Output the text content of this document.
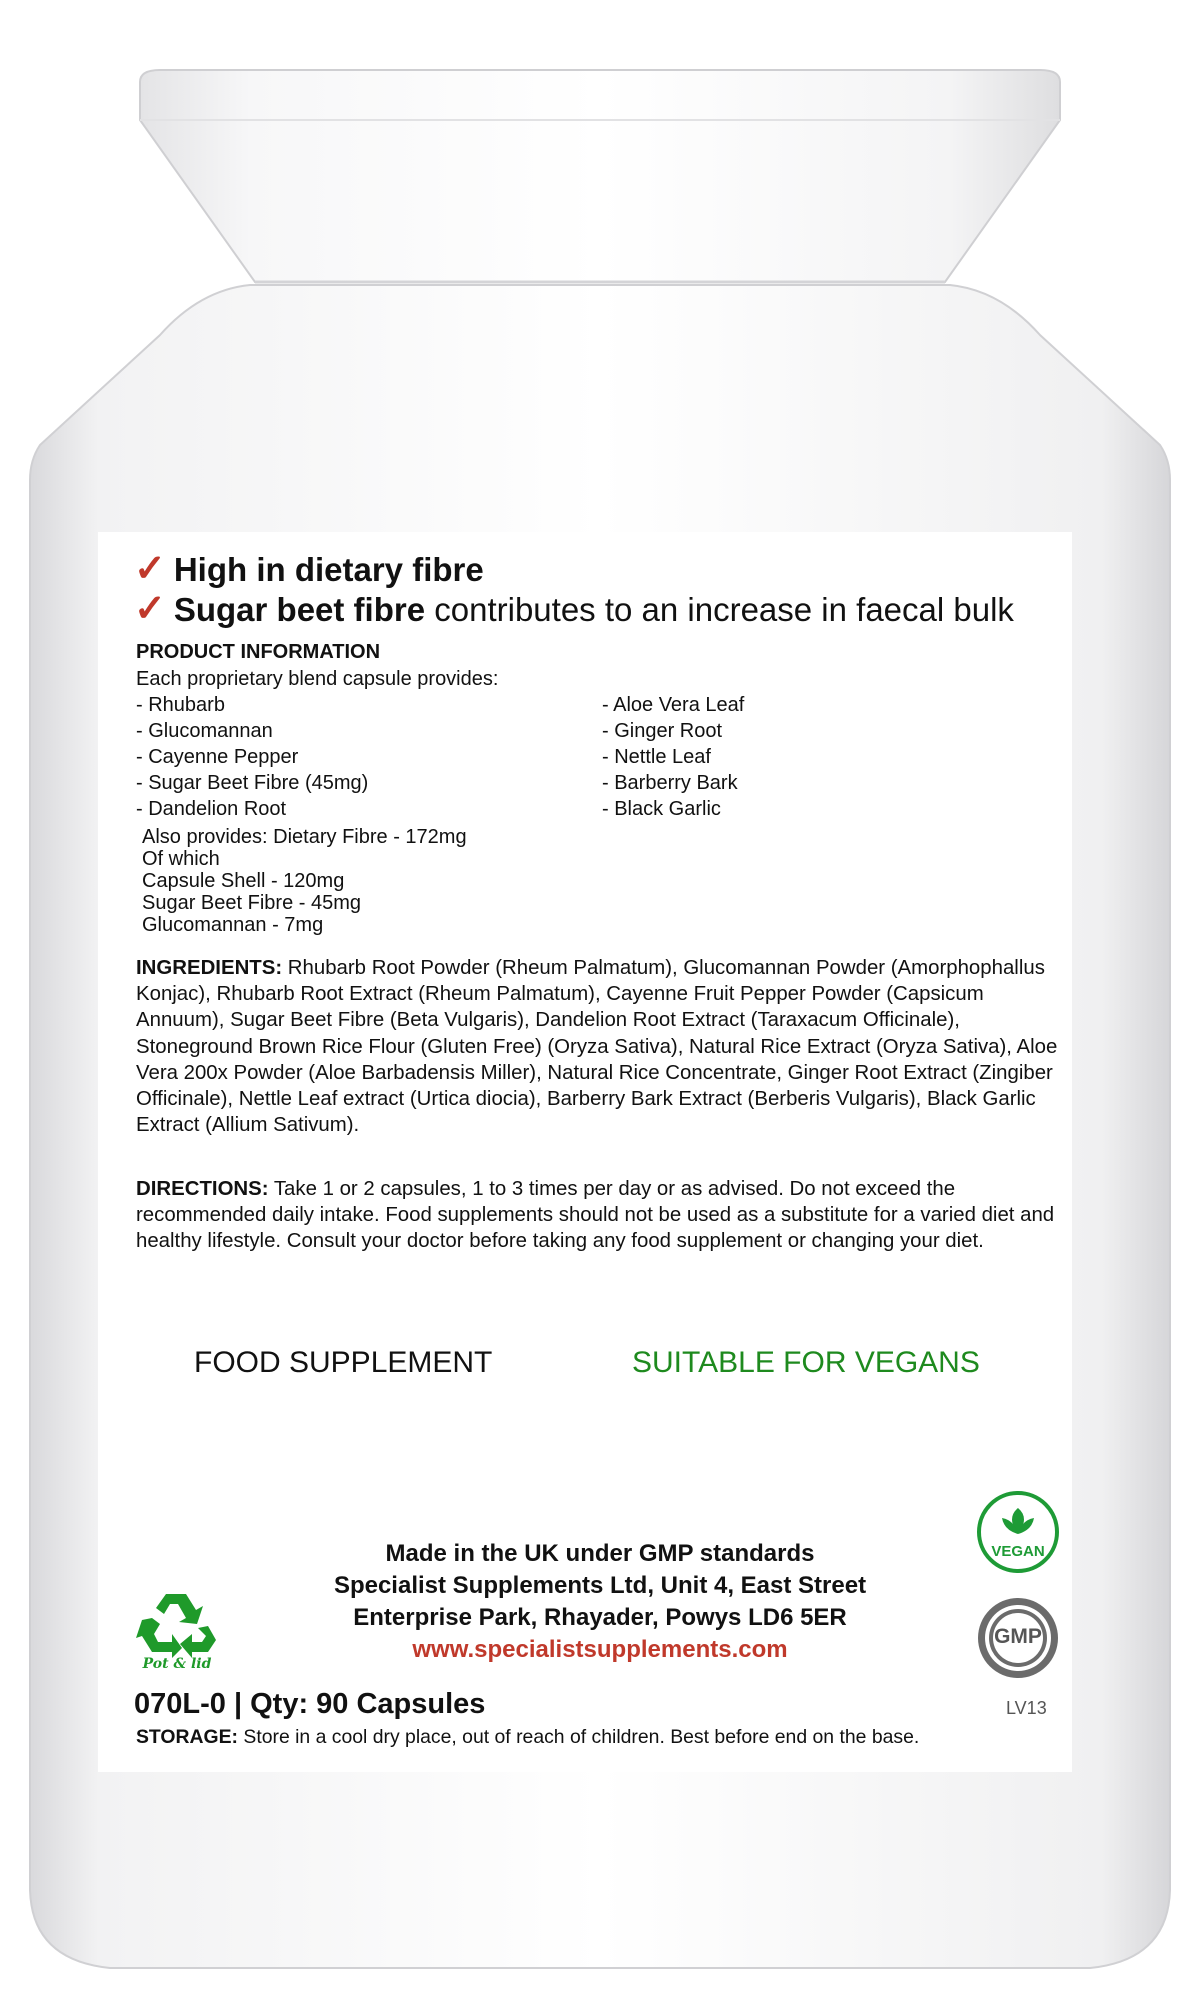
✓ High in dietary fibre
✓ Sugar beet fibre contributes to an increase in faecal bulk
PRODUCT INFORMATION
Each proprietary blend capsule provides:
- Rhubarb
- Glucomannan
- Cayenne Pepper
- Sugar Beet Fibre (45mg)
- Dandelion Root
- Aloe Vera Leaf
- Ginger Root
- Nettle Leaf
- Barberry Bark
- Black Garlic
Also provides: Dietary Fibre - 172mg
Of which
Capsule Shell - 120mg
Sugar Beet Fibre - 45mg
Glucomannan - 7mg
INGREDIENTS: Rhubarb Root Powder (Rheum Palmatum), Glucomannan Powder (Amorphophallus Konjac), Rhubarb Root Extract (Rheum Palmatum), Cayenne Fruit Pepper Powder (Capsicum Annuum), Sugar Beet Fibre (Beta Vulgaris), Dandelion Root Extract (Taraxacum Officinale), Stoneground Brown Rice Flour (Gluten Free) (Oryza Sativa), Natural Rice Extract (Oryza Sativa), Aloe Vera 200x Powder (Aloe Barbadensis Miller), Natural Rice Concentrate, Ginger Root Extract (Zingiber Officinale), Nettle Leaf extract (Urtica diocia), Barberry Bark Extract (Berberis Vulgaris), Black Garlic Extract (Allium Sativum).
DIRECTIONS: Take 1 or 2 capsules, 1 to 3 times per day or as advised. Do not exceed the recommended daily intake. Food supplements should not be used as a substitute for a varied diet and healthy lifestyle. Consult your doctor before taking any food supplement or changing your diet.
FOOD SUPPLEMENT	SUITABLE FOR VEGANS
VEGAN
GMP
Made in the UK under GMP standards
Specialist Supplements Ltd, Unit 4, East Street
Enterprise Park, Rhayader, Powys LD6 5ER
www.specialistsupplements.com
Pot & lid
070L-0 | Qty: 90 Capsules	LV13
STORAGE: Store in a cool dry place, out of reach of children. Best before end on the base.
